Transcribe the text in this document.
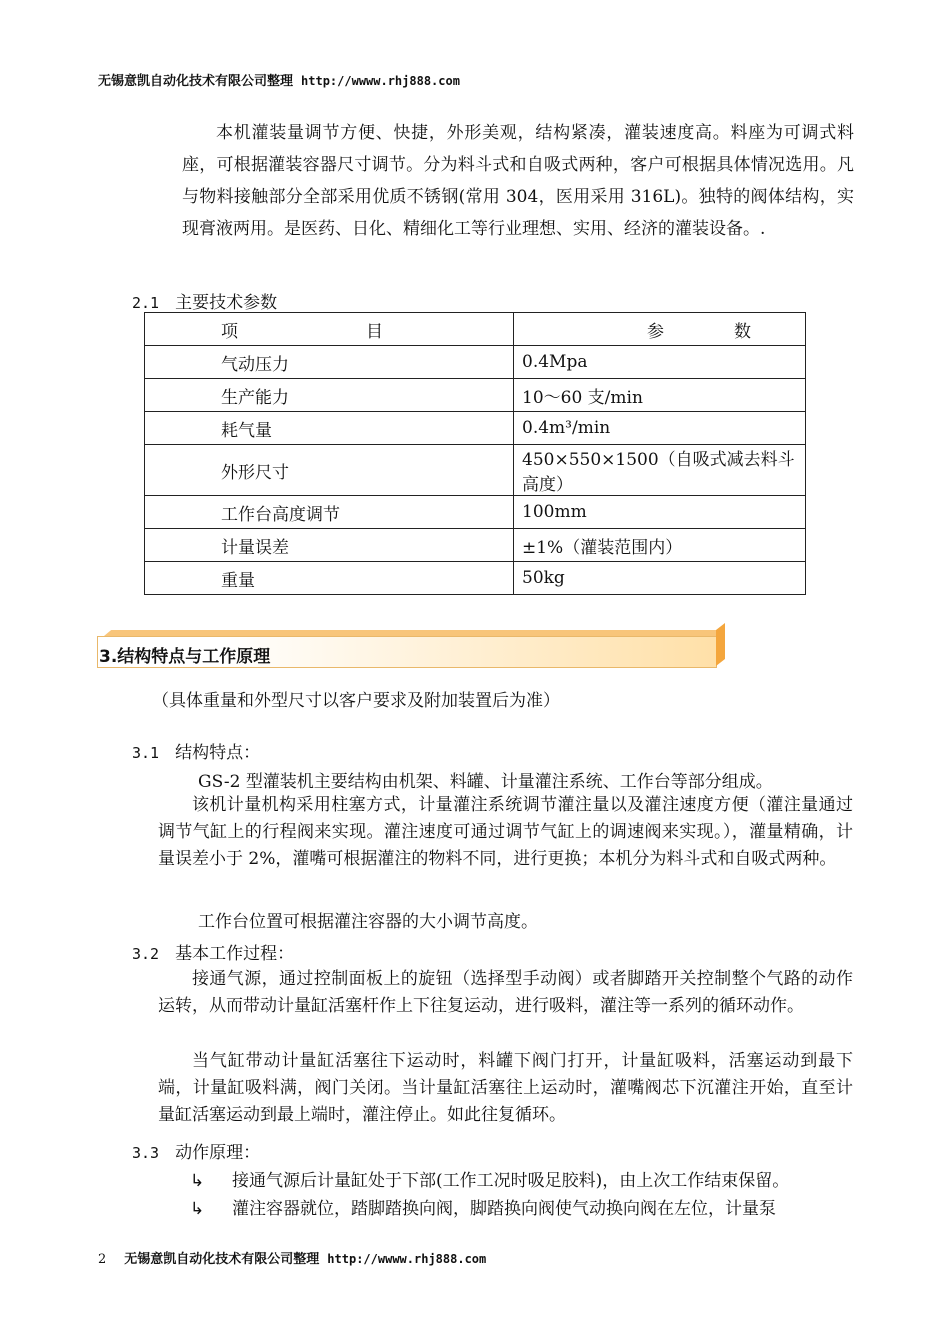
无锡意凯自动化技术有限公司整理 http://wwww.rhj888.com

本机灌装量调节方便、快捷，外形美观，结构紧凑，灌装速度高。料座为可调式料座，可根据灌装容器尺寸调节。分为料斗式和自吸式两种，客户可根据具体情况选用。凡与物料接触部分全部采用优质不锈钢(常用 304，医用采用 316L)。独特的阀体结构，实现膏液两用。是医药、日化、精细化工等行业理想、实用、经济的灌装设备。.

2.1 主要技术参数
项 目	参 数
气动压力	0.4Mpa
生产能力	10～60 支/min
耗气量	0.4m³/min
外形尺寸	450×550×1500（自吸式减去料斗高度）
工作台高度调节	100mm
计量误差	±1%（灌装范围内）
重量	50kg
3.结构特点与工作原理
（具体重量和外型尺寸以客户要求及附加装置后为准）
3.1 结构特点：
GS-2 型灌装机主要结构由机架、料罐、计量灌注系统、工作台等部分组成。

该机计量机构采用柱塞方式，计量灌注系统调节灌注量以及灌注速度方便（灌注量通过调节气缸上的行程阀来实现。灌注速度可通过调节气缸上的调速阀来实现。），灌量精确，计量误差小于 2%，灌嘴可根据灌注的物料不同，进行更换；本机分为料斗式和自吸式两种。

工作台位置可根据灌注容器的大小调节高度。
3.2 基本工作过程：

接通气源，通过控制面板上的旋钮（选择型手动阀）或者脚踏开关控制整个气路的动作运转，从而带动计量缸活塞杆作上下往复运动，进行吸料，灌注等一系列的循环动作。

当气缸带动计量缸活塞往下运动时，料罐下阀门打开，计量缸吸料，活塞运动到最下端，计量缸吸料满，阀门关闭。当计量缸活塞往上运动时，灌嘴阀芯下沉灌注开始，直至计量缸活塞运动到最上端时，灌注停止。如此往复循环。

3.3 动作原理：
↳ 接通气源后计量缸处于下部(工作工况时吸足胶料)，由上次工作结束保留。
↳ 灌注容器就位，踏脚踏换向阀，脚踏换向阀使气动换向阀在左位，计量泵
2 无锡意凯自动化技术有限公司整理 http://wwww.rhj888.com
